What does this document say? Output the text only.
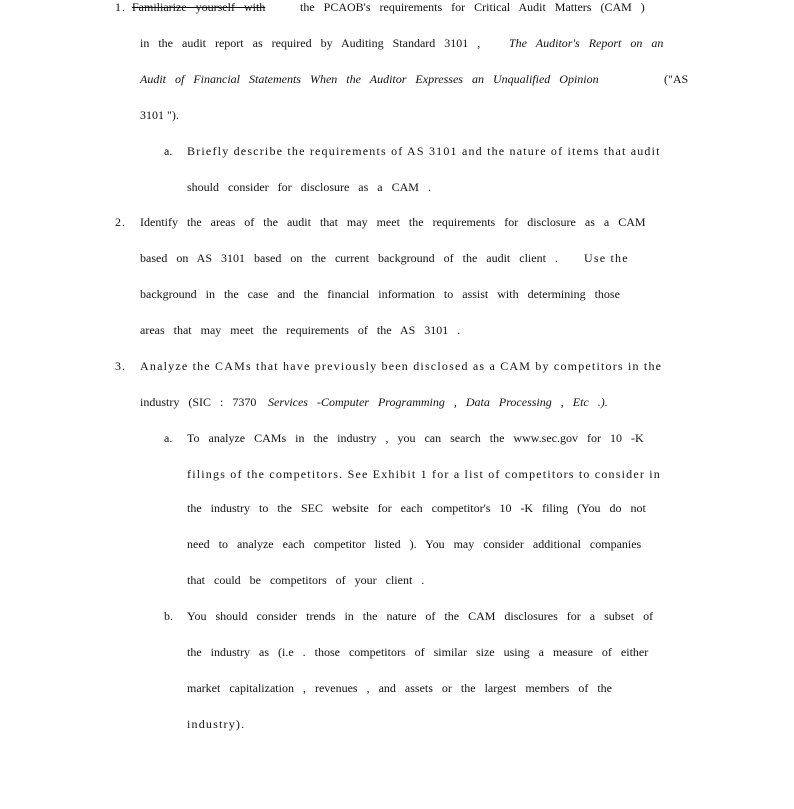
1. Familiarize yourself with	the PCAOB's requirements for Critical Audit Matters (CAM )
in the audit report as required by Auditing Standard 3101 , The Auditor's Report on an
Audit of Financial Statements When the Auditor Expresses an Unqualified Opinion	("AS
3101 ").
a. Briefly describe the requirements of AS 3101 and the nature of items that audit
should consider for disclosure as a CAM .
2. Identify the areas of the audit that may meet the requirements for disclosure as a CAM
based on AS 3101 based on the current background of the audit client . Use the
background in the case and the financial information to assist with determining those
areas that may meet the requirements of the AS 3101 .
3. Analyze the CAMs that have previously been disclosed as a CAM by competitors in the
industry (SIC : 7370 Services -Computer Programming , Data Processing , Etc .).
a. To analyze CAMs in the industry , you can search the www.sec.gov for 10 -K
filings of the competitors. See Exhibit 1 for a list of competitors to consider in
the industry to the SEC website for each competitor's 10 -K filing (You do not
need to analyze each competitor listed ). You may consider additional companies
that could be competitors of your client .
b. You should consider trends in the nature of the CAM disclosures for a subset of
the industry as (i.e . those competitors of similar size using a measure of either
market capitalization , revenues , and assets or the largest members of the
industry).
